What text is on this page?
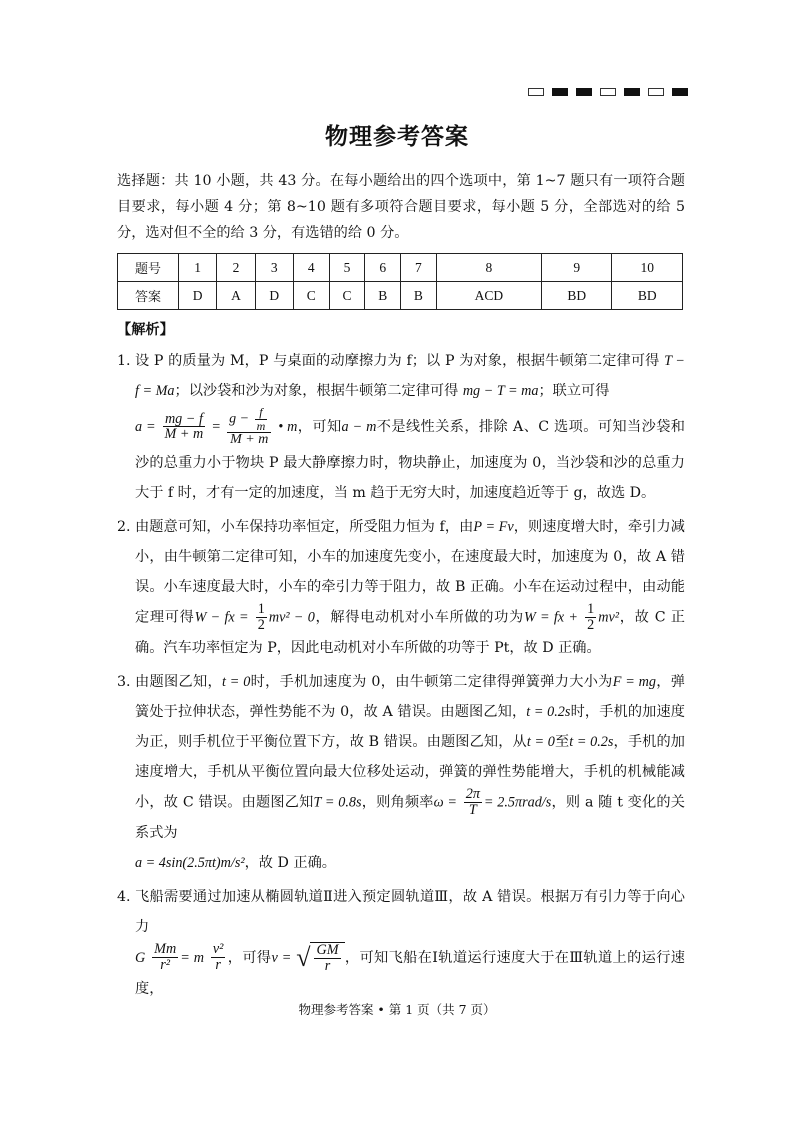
物理参考答案
选择题：共 10 小题，共 43 分。在每小题给出的四个选项中，第 1~7 题只有一项符合题目要求，每小题 4 分；第 8~10 题有多项符合题目要求，每小题 5 分，全部选对的给 5 分，选对但不全的给 3 分，有选错的给 0 分。
题号	1	2	3	4	5	6	7	8	9	10
答案	D	A	D	C	C	B	B	ACD	BD	BD
【解析】
1. 设 P 的质量为 M，P 与桌面的动摩擦力为 f；以 P 为对象，根据牛顿第二定律可得 T − f = Ma；以沙袋和沙为对象，根据牛顿第二定律可得 mg − T = ma；联立可得
$a = \frac{mg - f}{M + m} = \frac{g - \frac{f}{m}}{M + m}$ • m，可知a − m不是线性关系，排除 A、C 选项。可知当沙袋和沙的总重力小于物块 P 最大静摩擦力时，物块静止，加速度为 0，当沙袋和沙的总重力大于 f 时，才有一定的加速度，当 m 趋于无穷大时，加速度趋近等于 g，故选 D。
2. 由题意可知，小车保持功率恒定，所受阻力恒为 f，由P = Fv，则速度增大时，牵引力减小，由牛顿第二定律可知，小车的加速度先变小，在速度最大时，加速度为 0，故 A 错误。小车速度最大时，小车的牵引力等于阻力，故 B 正确。小车在运动过程中，由动能定理可得W − fx = $\frac{1}{2} mv^2 - 0$，解得电动机对小车所做的功为W = fx + $\frac{1}{2} mv^2$，故 C 正确。汽车功率恒定为 P，因此电动机对小车所做的功等于 Pt，故 D 正确。
3. 由题图乙知，t = 0时，手机加速度为 0，由牛顿第二定律得弹簧弹力大小为F = mg，弹簧处于拉伸状态，弹性势能不为 0，故 A 错误。由题图乙知，t = 0.2s时，手机的加速度为正，则手机位于平衡位置下方，故 B 错误。由题图乙知，从t = 0至t = 0.2s，手机的加速度增大，手机从平衡位置向最大位移处运动，弹簧的弹性势能增大，手机的机械能减小，故 C 错误。由题图乙知T = 0.8s，则角频率$\omega = \frac{2\pi}{T} = 2.5\pi rad/s$，则 a 随 t 变化的关系式为
a = 4sin(2.5πt)m/s²，故 D 正确。
4. 飞船需要通过加速从椭圆轨道Ⅱ进入预定圆轨道Ⅲ，故 A 错误。根据万有引力等于向心力
G $\frac{Mm}{\text{r²}} = m \frac{\text{v²}}{r}$ ，可得v = √ $\frac{GM}{r}$ ，可知飞船在Ⅰ轨道运行速度大于在Ⅲ轨道上的运行速度，
物理参考答案 • 第 1 页（共 7 页）
